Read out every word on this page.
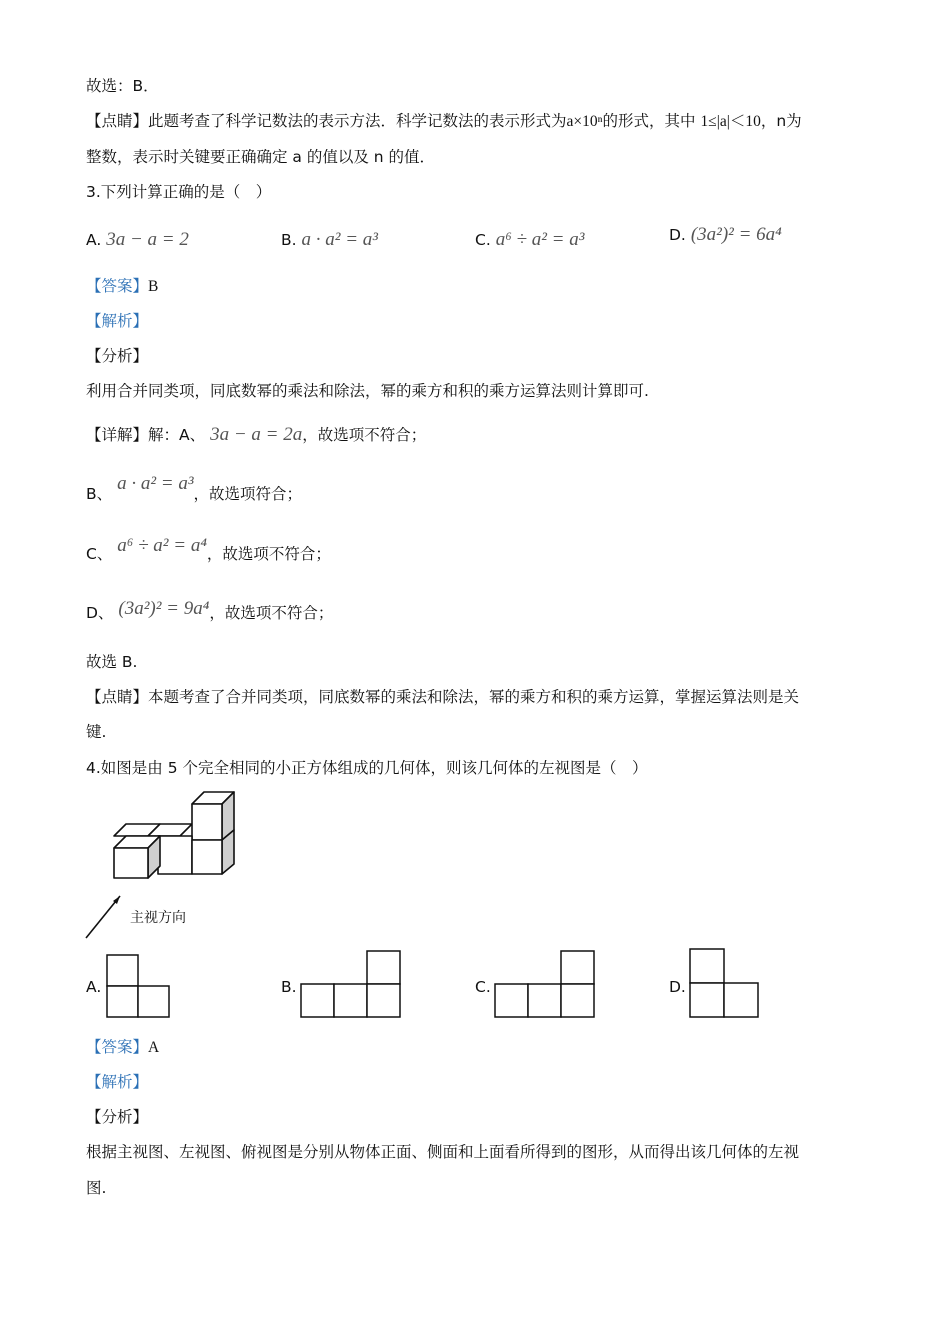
故选：B．
【点睛】此题考查了科学记数法的表示方法．科学记数法的表示形式为a×10ⁿ的形式，其中 1≤|a|＜10，n为
整数，表示时关键要正确确定 a 的值以及 n 的值．
3.下列计算正确的是（　）
A. 3a − a = 2	B. a · a² = a³	C. a⁶ ÷ a² = a³	D. (3a²)² = 6a⁴
【答案】B
【解析】
【分析】
利用合并同类项，同底数幂的乘法和除法，幂的乘方和积的乘方运算法则计算即可.
【详解】解：A、 3a − a = 2a，故选项不符合；
B、 a · a² = a³，故选项符合；
C、 a⁶ ÷ a² = a⁴，故选项不符合；
D、 (3a²)² = 9a⁴，故选项不符合；
故选 B.
【点睛】本题考查了合并同类项，同底数幂的乘法和除法，幂的乘方和积的乘方运算，掌握运算法则是关
键.
4.如图是由 5 个完全相同的小正方体组成的几何体，则该几何体的左视图是（　）
主视方向
A.	B.	C.	D.
【答案】A
【解析】
【分析】
根据主视图、左视图、俯视图是分别从物体正面、侧面和上面看所得到的图形，从而得出该几何体的左视
图.
